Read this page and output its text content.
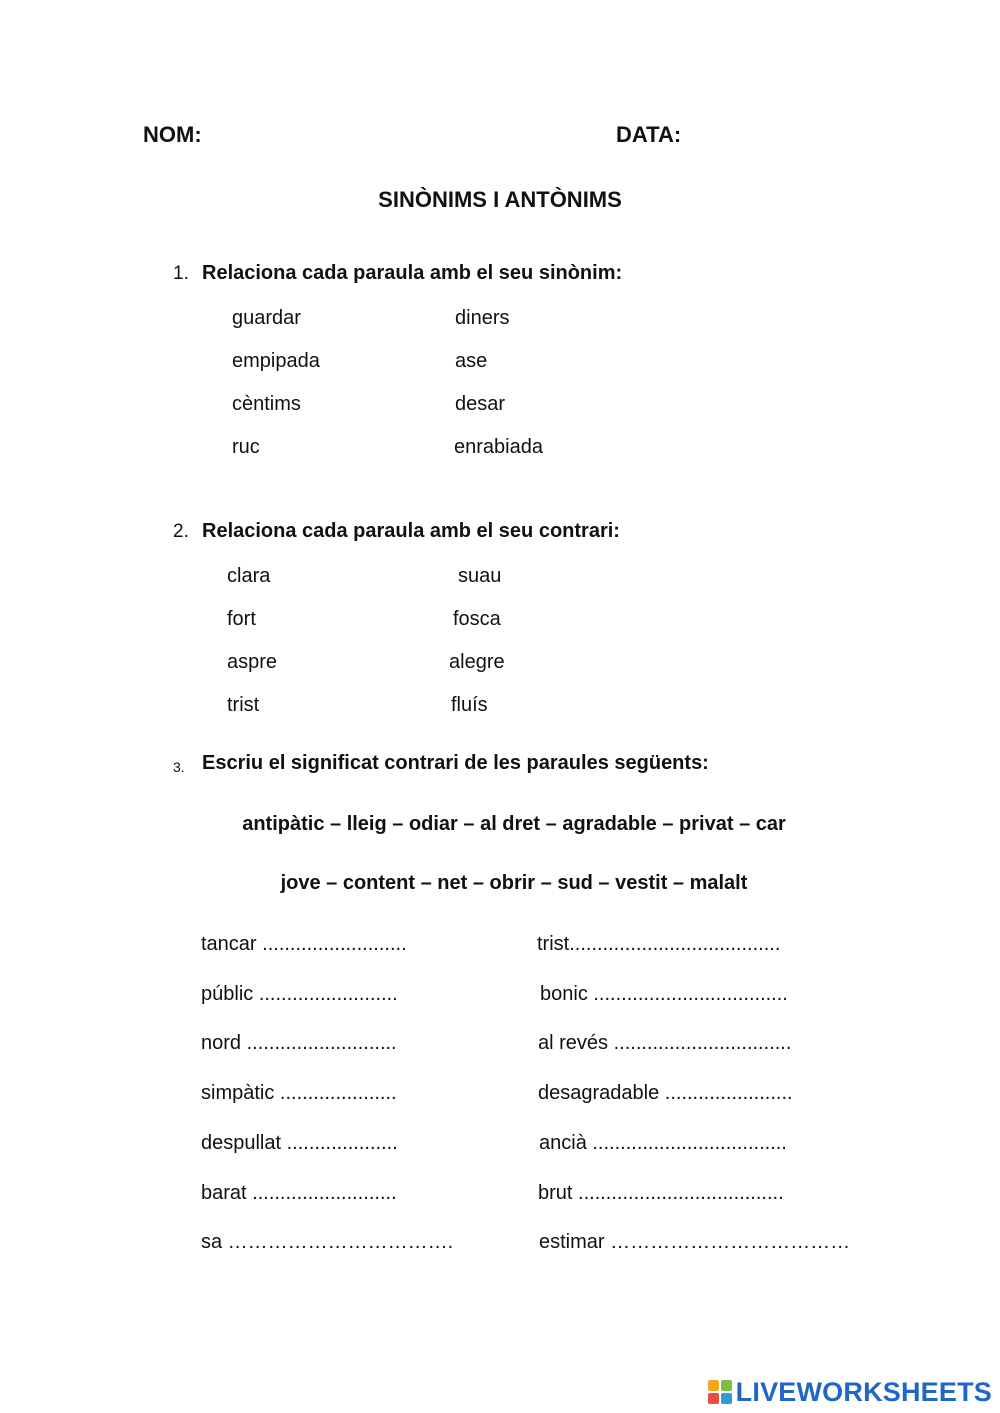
NOM:	DATA:
SINÒNIMS I ANTÒNIMS
1. Relaciona cada paraula amb el seu sinònim:
guardar
empipada
cèntims
ruc
diners
ase
desar
enrabiada
2. Relaciona cada paraula amb el seu contrari:
clara
fort
aspre
trist
suau
fosca
alegre
fluís
3. Escriu el significat contrari de les paraules següents:
antipàtic – lleig – odiar – al dret – agradable – privat – car
jove – content – net – obrir – sud – vestit – malalt
tancar ..........................
públic .........................
nord ...........................
simpàtic .....................
despullat ....................
barat ..........................
sa …………………………….
trist......................................
bonic ...................................
al revés ................................
desagradable .......................
ancià ...................................
brut .....................................
estimar ………………………………
LIVEWORKSHEETS
